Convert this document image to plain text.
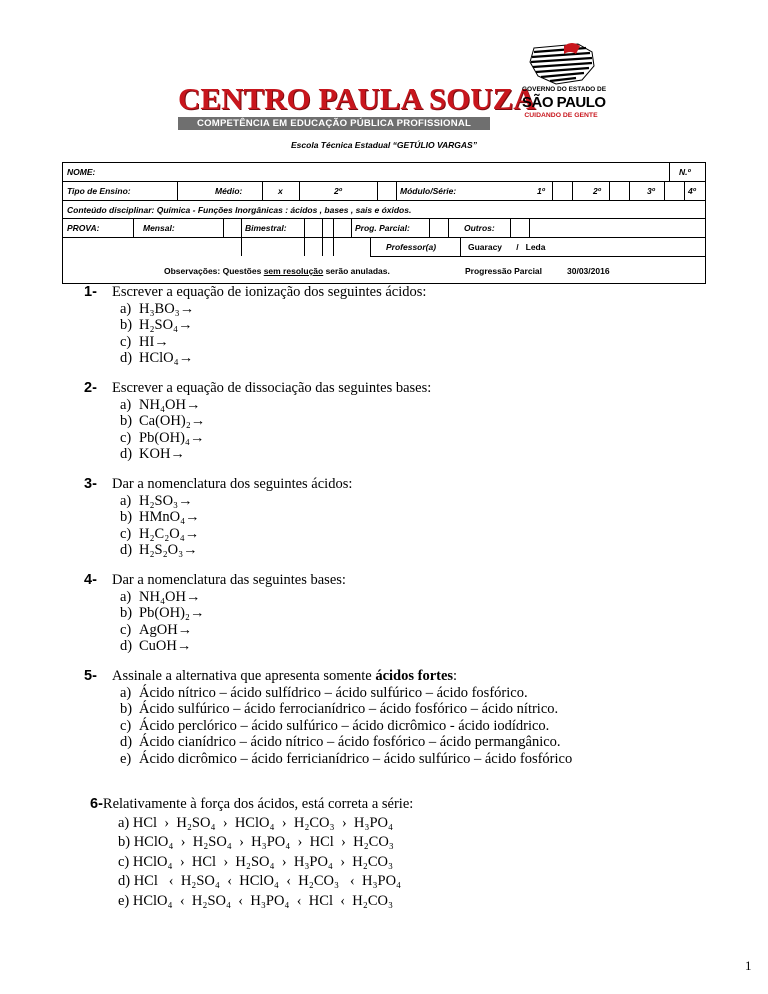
CENTRO PAULA SOUZA
COMPETÊNCIA EM EDUCAÇÃO PÚBLICA PROFISSIONAL
GOVERNO DO ESTADO DE
SÃO PAULO
CUIDANDO DE GENTE
Escola Técnica Estadual “GETÚLIO VARGAS”
NOME:	N.º
Tipo de Ensino:	Médio:	x	2º	Módulo/Série:	1º	2º	3º	4º
Conteúdo disciplinar: Química - Funções Inorgânicas : ácidos , bases , sais e óxidos.
PROVA:	Mensal:	Bimestral:	Prog. Parcial:	Outros:
Professor(a)	Guaracy      /   Leda
Observações: Questões sem resolução serão anuladas.	Progressão Parcial	30/03/2016
1- Escrever a equação de ionização dos seguintes ácidos:
a) H₃BO₃→
b) H₂SO₄→
c) HI→
d) HClO₄→
2- Escrever a equação de dissociação das seguintes bases:
a) NH₄OH→
b) Ca(OH)₂→
c) Pb(OH)₄→
d) KOH→
3- Dar a nomenclatura dos seguintes ácidos:
a) H₂SO₃→
b) HMnO₄→
c) H₂C₂O₄→
d) H₂S₂O₃→
4- Dar a nomenclatura das seguintes bases:
a) NH₄OH→
b) Pb(OH)₂→
c) AgOH→
d) CuOH→
5- Assinale a alternativa que apresenta somente ácidos fortes:
a) Ácido nítrico – ácido sulfídrico – ácido sulfúrico – ácido fosfórico.
b) Ácido sulfúrico – ácido ferrocianídrico – ácido fosfórico – ácido nítrico.
c) Ácido perclórico – ácido sulfúrico – ácido dicrômico - ácido iodídrico.
d) Ácido cianídrico – ácido nítrico – ácido fosfórico – ácido permangânico.
e) Ácido dicrômico – ácido ferricianídrico – ácido sulfúrico – ácido fosfórico
6-Relativamente à força dos ácidos, está correta a série:
a) HCl  ›  H₂SO₄  ›  HClO₄  ›  H₂CO₃  ›  H₃PO₄
b) HClO₄  ›  H₂SO₄  ›  H₃PO₄  ›  HCl  ›  H₂CO₃
c) HClO₄  ›  HCl  ›  H₂SO₄  ›  H₃PO₄  ›  H₂CO₃
d) HCl   ‹  H₂SO₄  ‹  HClO₄  ‹  H₂CO₃   ‹  H₃PO₄
e) HClO₄  ‹  H₂SO₄  ‹  H₃PO₄  ‹  HCl  ‹  H₂CO₃
1
